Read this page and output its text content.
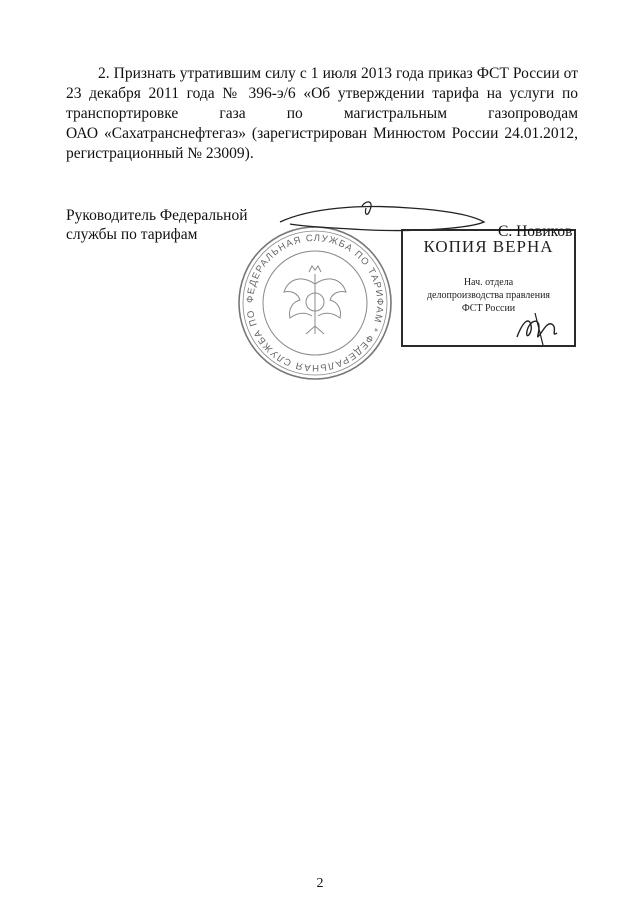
2. Признать утратившим силу с 1 июля 2013 года приказ ФСТ России от
23 декабря 2011 года № 396-э/6 «Об утверждении тарифа на услуги по
транспортировке газа по магистральным газопроводам
ОАО «Сахатранснефтегаз» (зарегистрирован Минюстом России 24.01.2012,
регистрационный № 23009).
Руководитель Федеральной
службы по тарифам
ФЕДЕРАЛЬНАЯ СЛУЖБА ПО ТАРИФАМ * ФЕДЕРАЛЬНАЯ СЛУЖБА ПО
КОПИЯ ВЕРНА
Нач. отдела
делопроизводства правления
ФСТ России
С. Новиков
2
